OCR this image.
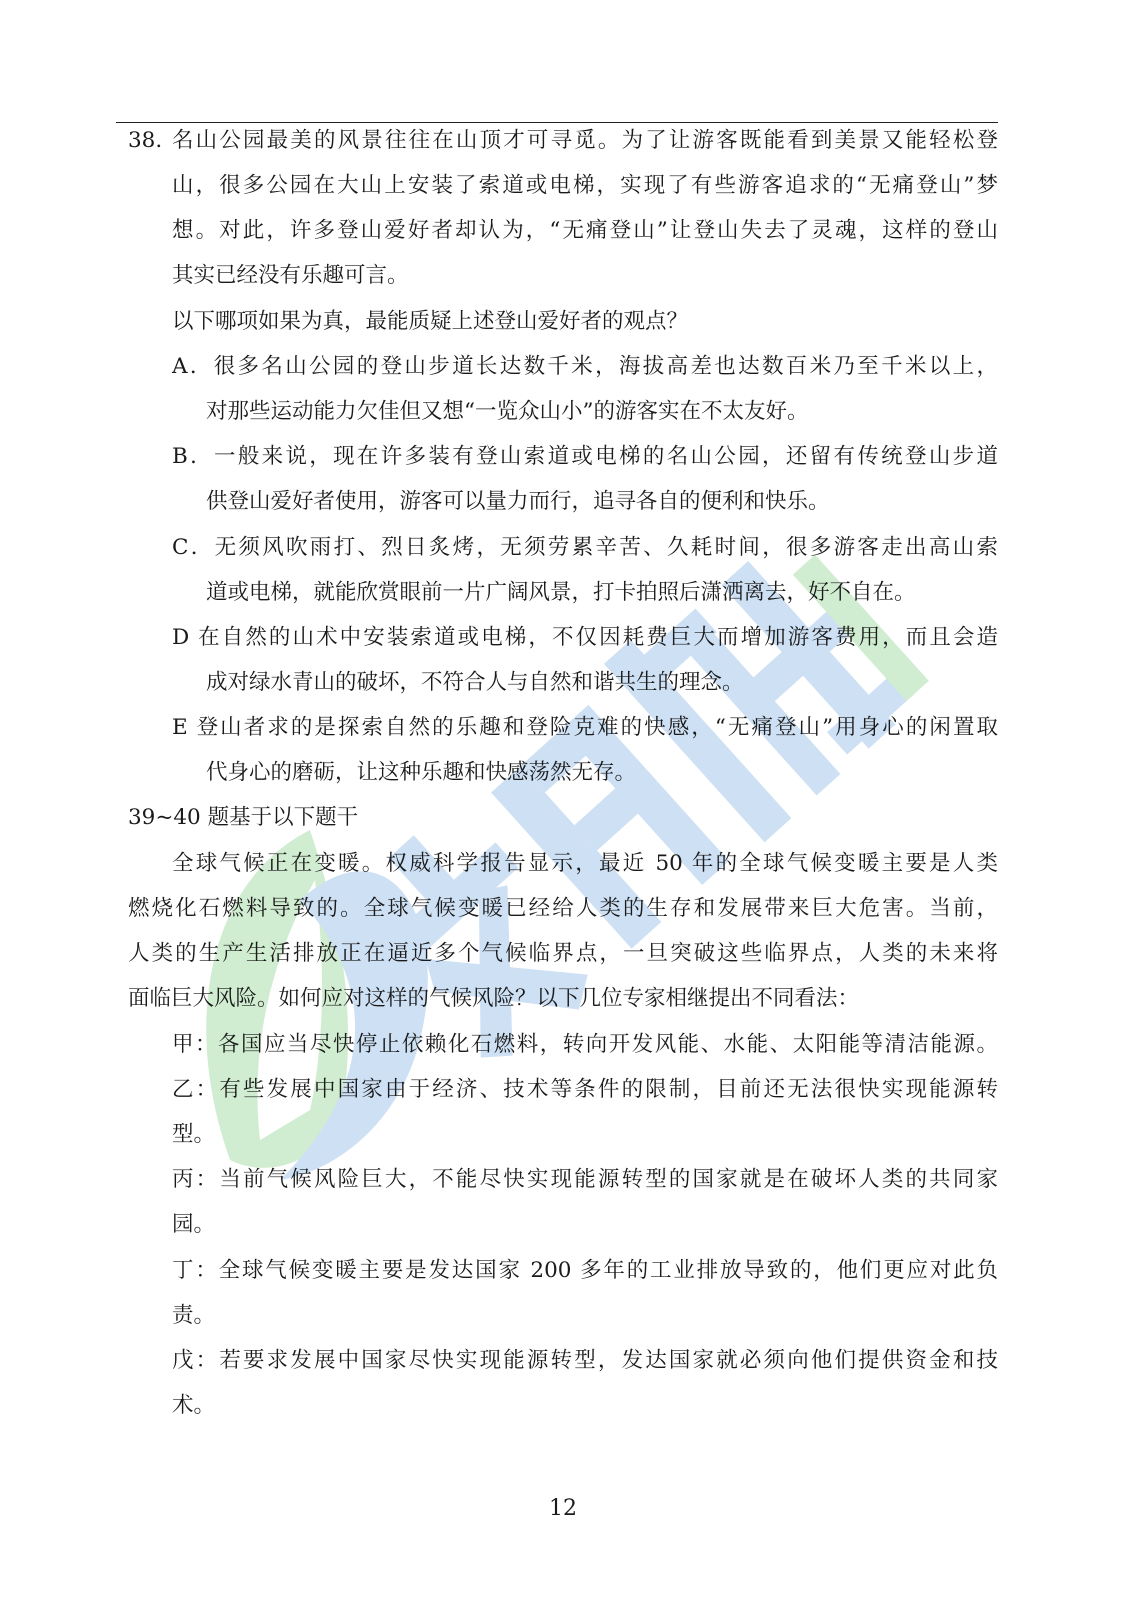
38. 名山公园最美的风景往往在山顶才可寻觅。为了让游客既能看到美景又能轻松登

山，很多公园在大山上安装了索道或电梯，实现了有些游客追求的“无痛登山”梦

想。对此，许多登山爱好者却认为，“无痛登山”让登山失去了灵魂，这样的登山

其实已经没有乐趣可言。

以下哪项如果为真，最能质疑上述登山爱好者的观点？

A．很多名山公园的登山步道长达数千米，海拔高差也达数百米乃至千米以上，

对那些运动能力欠佳但又想“一览众山小”的游客实在不太友好。

B．一般来说，现在许多装有登山索道或电梯的名山公园，还留有传统登山步道

供登山爱好者使用，游客可以量力而行，追寻各自的便利和快乐。

C．无须风吹雨打、烈日炙烤，无须劳累辛苦、久耗时间，很多游客走出高山索

道或电梯，就能欣赏眼前一片广阔风景，打卡拍照后潇洒离去，好不自在。

D 在自然的山术中安装索道或电梯，不仅因耗费巨大而增加游客费用，而且会造

成对绿水青山的破坏，不符合人与自然和谐共生的理念。

E 登山者求的是探索自然的乐趣和登险克难的快感，“无痛登山”用身心的闲置取

代身心的磨砺，让这种乐趣和快感荡然无存。

39~40 题基于以下题干

全球气候正在变暖。权威科学报告显示，最近 50 年的全球气候变暖主要是人类

燃烧化石燃料导致的。全球气候变暖已经给人类的生存和发展带来巨大危害。当前，

人类的生产生活排放正在逼近多个气候临界点，一旦突破这些临界点，人类的未来将

面临巨大风险。如何应对这样的气候风险？以下几位专家相继提出不同看法：

甲：各国应当尽快停止依赖化石燃料，转向开发风能、水能、太阳能等清洁能源。

乙：有些发展中国家由于经济、技术等条件的限制，目前还无法很快实现能源转

型。

丙：当前气候风险巨大，不能尽快实现能源转型的国家就是在破坏人类的共同家

园。

丁：全球气候变暖主要是发达国家 200 多年的工业排放导致的，他们更应对此负

责。

戊：若要求发展中国家尽快实现能源转型，发达国家就必须向他们提供资金和技

术。

12
